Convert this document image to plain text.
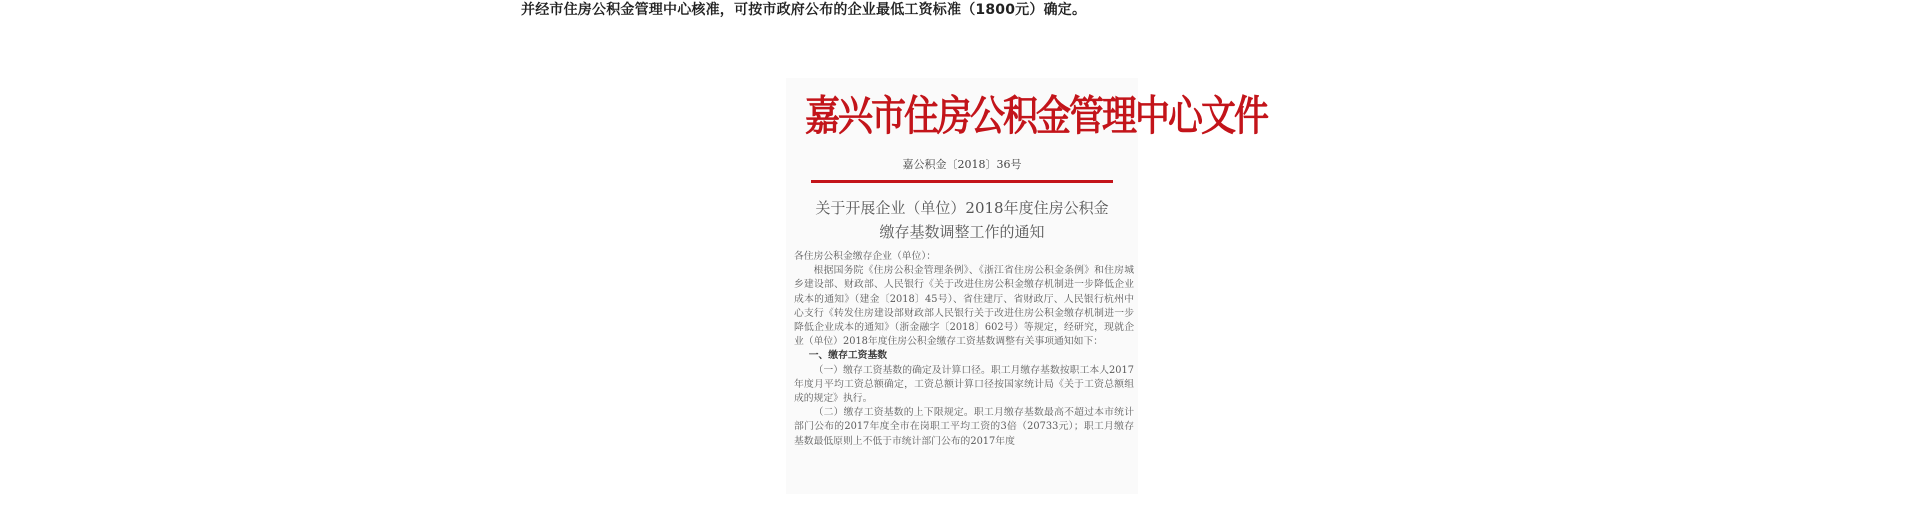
并经市住房公积金管理中心核准，可按市政府公布的企业最低工资标准（1800元）确定。
嘉兴市住房公积金管理中心文件
嘉公积金〔2018〕36号
关于开展企业（单位）2018年度住房公积金
缴存基数调整工作的通知

各住房公积金缴存企业（单位）：

根据国务院《住房公积金管理条例》、《浙江省住房公积金条例》和住房城乡建设部、财政部、人民银行《关于改进住房公积金缴存机制进一步降低企业成本的通知》（建金〔2018〕45号）、省住建厅、省财政厅、人民银行杭州中心支行《转发住房建设部财政部人民银行关于改进住房公积金缴存机制进一步降低企业成本的通知》（浙金融字〔2018〕602号）等规定，经研究，现就企业（单位）2018年度住房公积金缴存工资基数调整有关事项通知如下：

一、缴存工资基数

（一）缴存工资基数的确定及计算口径。职工月缴存基数按职工本人2017年度月平均工资总额确定，工资总额计算口径按国家统计局《关于工资总额组成的规定》执行。

（二）缴存工资基数的上下限规定。职工月缴存基数最高不超过本市统计部门公布的2017年度全市在岗职工平均工资的3倍（20733元）；职工月缴存基数最低原则上不低于市统计部门公布的2017年度
